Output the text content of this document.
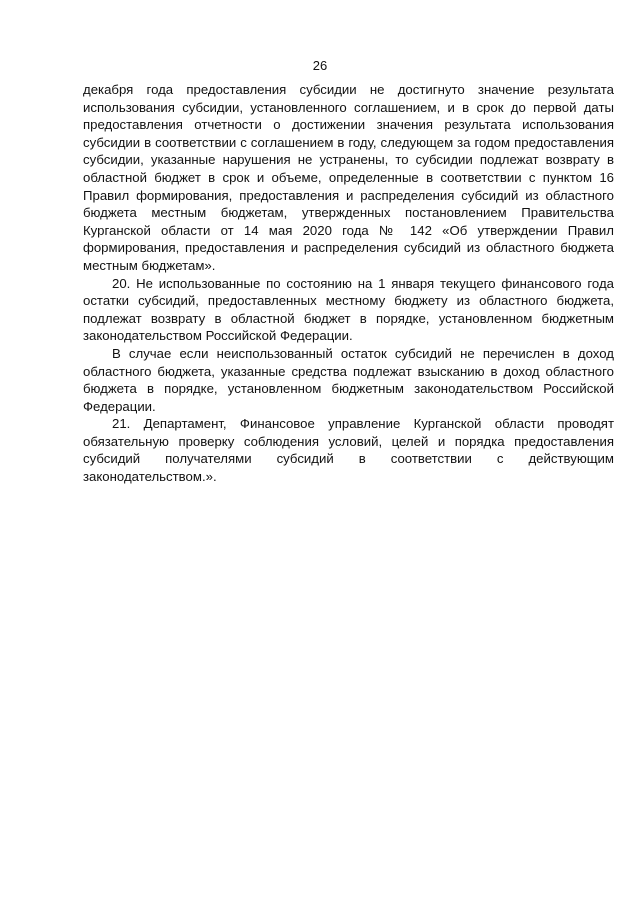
26

декабря года предоставления субсидии не достигнуто значение результата использования субсидии, установленного соглашением, и в срок до первой даты предоставления отчетности о достижении значения результата использования субсидии в соответствии с соглашением в году, следующем за годом предоставления субсидии, указанные нарушения не устранены, то субсидии подлежат возврату в областной бюджет в срок и объеме, определенные в соответствии с пунктом 16 Правил формирования, предоставления и распределения субсидий из областного бюджета местным бюджетам, утвержденных постановлением Правительства Курганской области от 14 мая 2020 года № 142 «Об утверждении Правил формирования, предоставления и распределения субсидий из областного бюджета местным бюджетам».

20. Не использованные по состоянию на 1 января текущего финансового года остатки субсидий, предоставленных местному бюджету из областного бюджета, подлежат возврату в областной бюджет в порядке, установленном бюджетным законодательством Российской Федерации.

В случае если неиспользованный остаток субсидий не перечислен в доход областного бюджета, указанные средства подлежат взысканию в доход областного бюджета в порядке, установленном бюджетным законодательством Российской Федерации.

21. Департамент, Финансовое управление Курганской области проводят обязательную проверку соблюдения условий, целей и порядка предоставления субсидий получателями субсидий в соответствии с действующим законодательством.».
